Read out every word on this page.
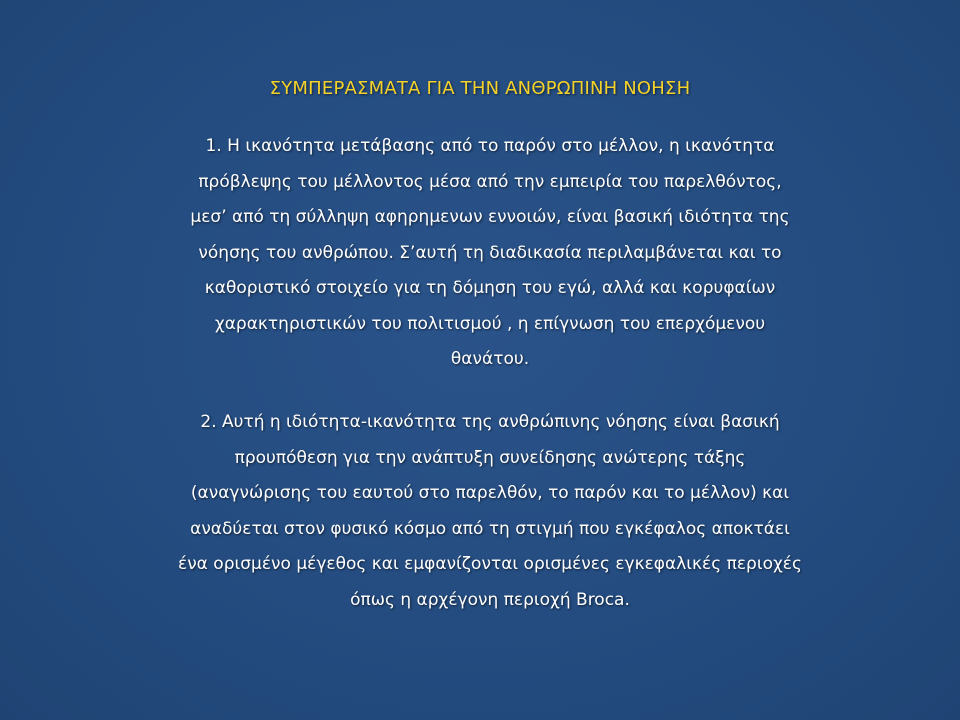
ΣΥΜΠΕΡΑΣΜΑΤΑ ΓΙΑ ΤΗΝ ΑΝΘΡΩΠΙΝΗ ΝΟΗΣΗ
1. Η ικανότητα μετάβασης από το παρόν στο μέλλον, η ικανότητα
πρόβλεψης του μέλλοντος μέσα από την εμπειρία του παρελθόντος,
μεσ’ από τη σύλληψη αφηρημενων εννοιών, είναι βασική ιδιότητα της
νόησης του ανθρώπου. Σ’αυτή τη διαδικασία περιλαμβάνεται και το
καθοριστικό στοιχείο για τη δόμηση του εγώ, αλλά και κορυφαίων
χαρακτηριστικών του πολιτισμού , η επίγνωση του επερχόμενου
θανάτου.
2. Αυτή η ιδιότητα-ικανότητα της ανθρώπινης νόησης είναι βασική
προυπόθεση για την ανάπτυξη συνείδησης ανώτερης τάξης
(αναγνώρισης του εαυτού στο παρελθόν, το παρόν και το μέλλον) και
αναδύεται στον φυσικό κόσμο από τη στιγμή που εγκέφαλος αποκτάει
ένα ορισμένο μέγεθος και εμφανίζονται ορισμένες εγκεφαλικές περιοχές
όπως η αρχέγονη περιοχή Broca.
